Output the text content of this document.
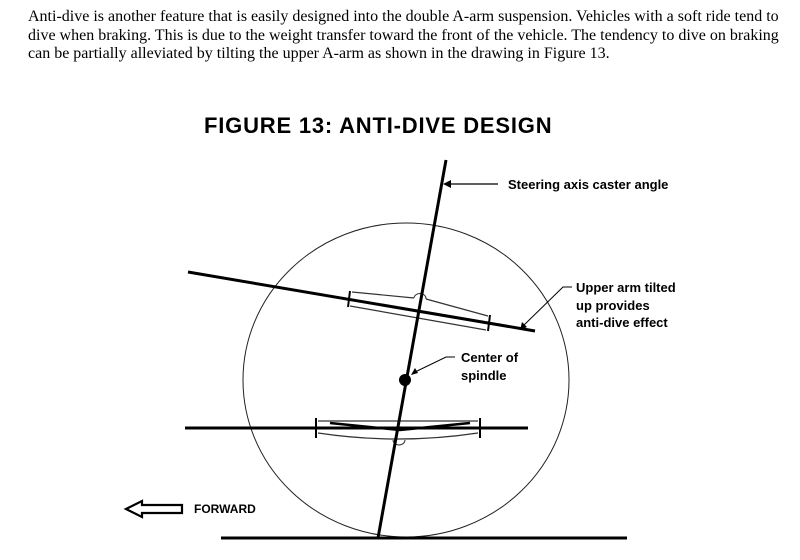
Anti-dive is another feature that is easily designed into the double A-arm suspension. Vehicles with a soft ride tend to dive when braking. This is due to the weight transfer toward the front of the vehicle. The tendency to dive on braking can be partially alleviated by tilting the upper A-arm as shown in the drawing in Figure 13.

FIGURE 13: ANTI-DIVE DESIGN
Steering axis caster angle
Upper arm tilted
up provides
anti-dive effect
Center of
spindle
FORWARD
